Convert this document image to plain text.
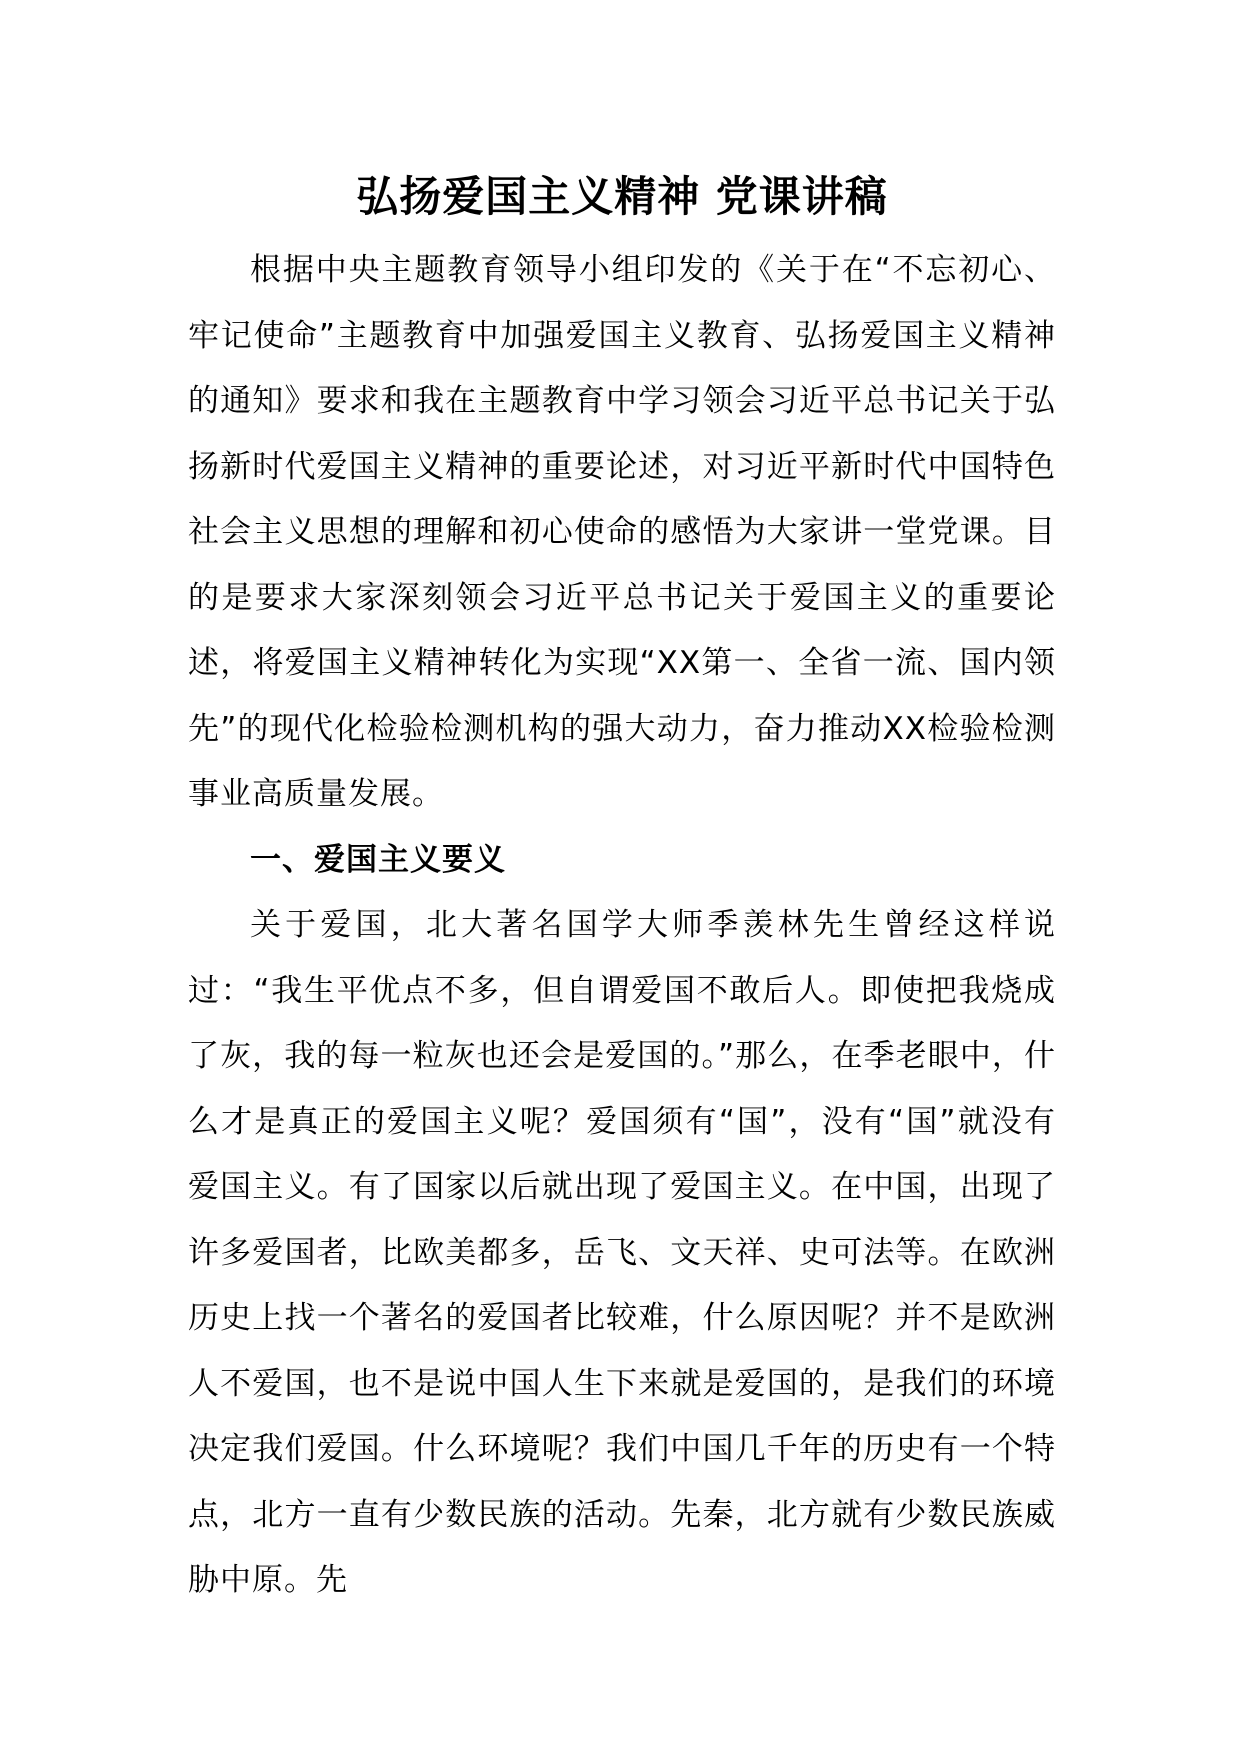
弘扬爱国主义精神 党课讲稿

根据中央主题教育领导小组印发的《关于在“不忘初心、牢记使命”主题教育中加强爱国主义教育、弘扬爱国主义精神的通知》要求和我在主题教育中学习领会习近平总书记关于弘扬新时代爱国主义精神的重要论述，对习近平新时代中国特色社会主义思想的理解和初心使命的感悟为大家讲一堂党课。目的是要求大家深刻领会习近平总书记关于爱国主义的重要论述，将爱国主义精神转化为实现“XX第一、全省一流、国内领先”的现代化检验检测机构的强大动力，奋力推动XX检验检测事业高质量发展。

一、爱国主义要义

关于爱国，北大著名国学大师季羡林先生曾经这样说过：“我生平优点不多，但自谓爱国不敢后人。即使把我烧成了灰，我的每一粒灰也还会是爱国的。”那么，在季老眼中，什么才是真正的爱国主义呢？爱国须有“国”，没有“国”就没有爱国主义。有了国家以后就出现了爱国主义。在中国，出现了许多爱国者，比欧美都多，岳飞、文天祥、史可法等。在欧洲历史上找一个著名的爱国者比较难，什么原因呢？并不是欧洲人不爱国，也不是说中国人生下来就是爱国的，是我们的环境决定我们爱国。什么环境呢？我们中国几千年的历史有一个特点，北方一直有少数民族的活动。先秦，北方就有少数民族威胁中原。先
